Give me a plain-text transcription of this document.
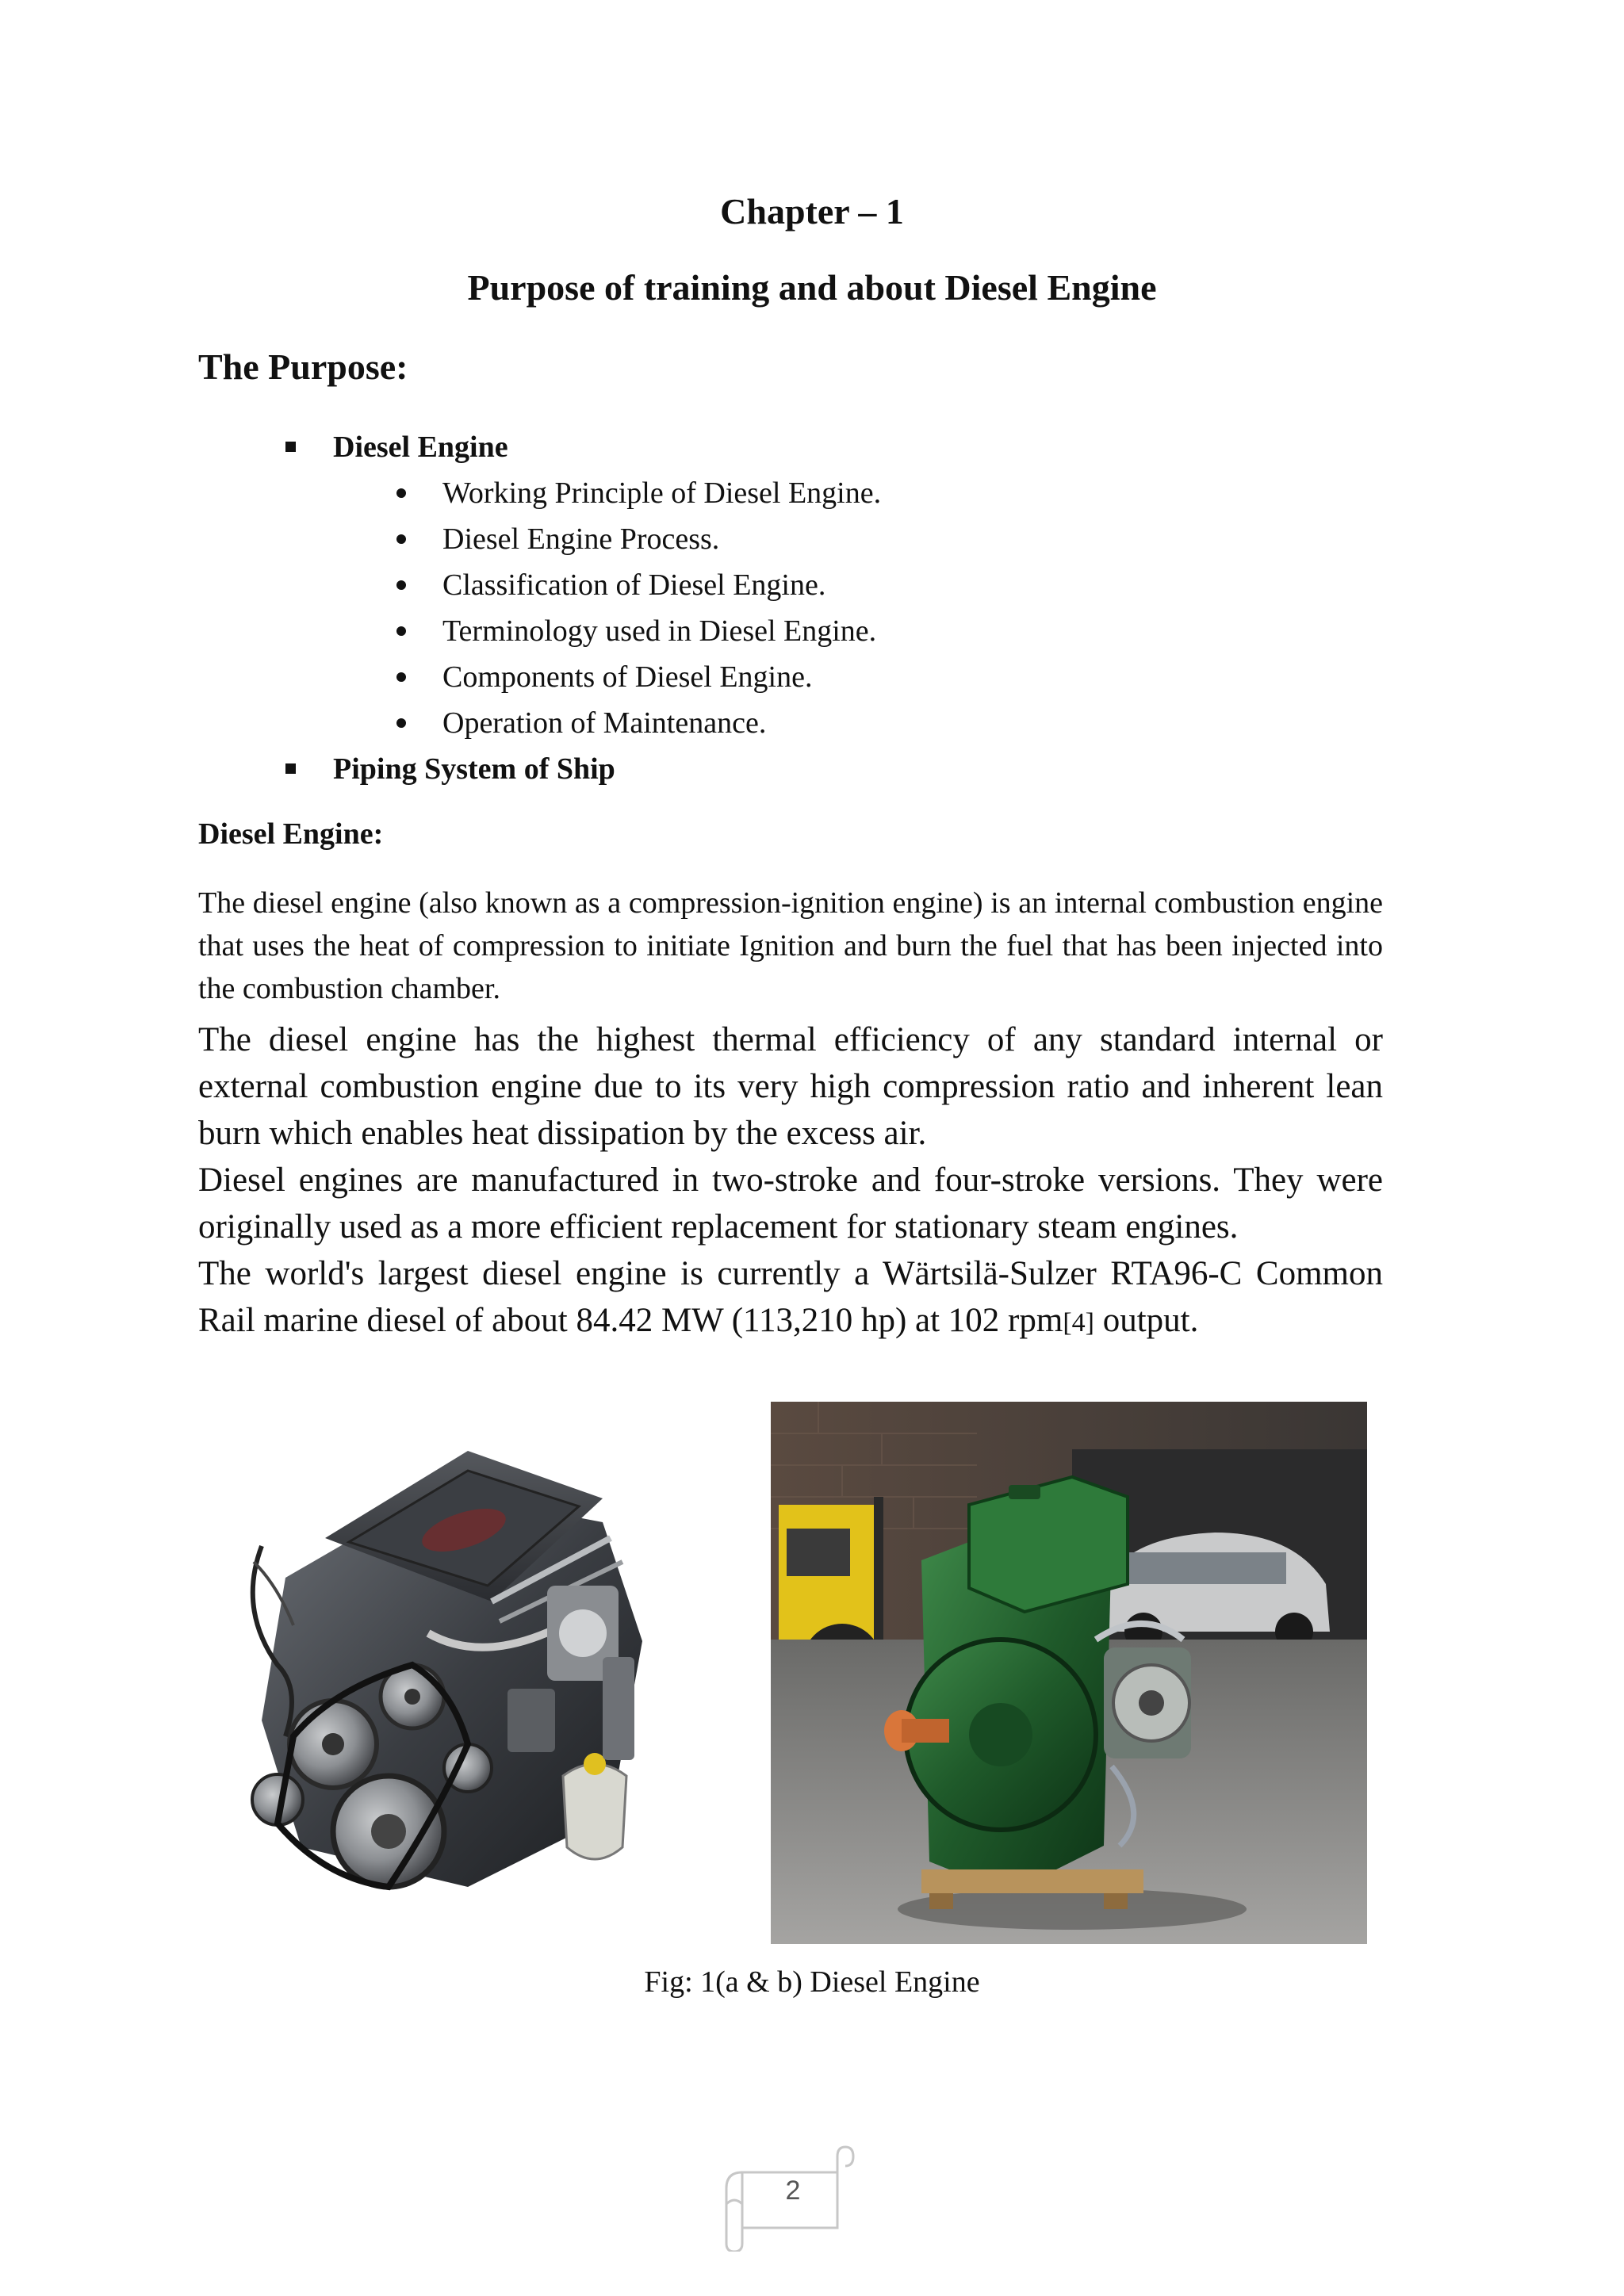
Chapter – 1
Purpose of training and about Diesel Engine
The Purpose:
Diesel Engine
Working Principle of Diesel Engine.
Diesel Engine Process.
Classification of Diesel Engine.
Terminology used in Diesel Engine.
Components of Diesel Engine.
Operation of Maintenance.
Piping System of Ship
Diesel Engine:

The diesel engine (also known as a compression-ignition engine) is an internal combustion engine that uses the heat of compression to initiate Ignition and burn the fuel that has been injected into the combustion chamber.

The diesel engine has the highest thermal efficiency of any standard internal or external combustion engine due to its very high compression ratio and inherent lean burn which enables heat dissipation by the excess air.

Diesel engines are manufactured in two-stroke and four-stroke versions. They were originally used as a more efficient replacement for stationary steam engines.

The world's largest diesel engine is currently a Wärtsilä-Sulzer RTA96-C Common Rail marine diesel of about 84.42 MW (113,210 hp) at 102 rpm[4] output.

Fig: 1(a & b) Diesel Engine
2
